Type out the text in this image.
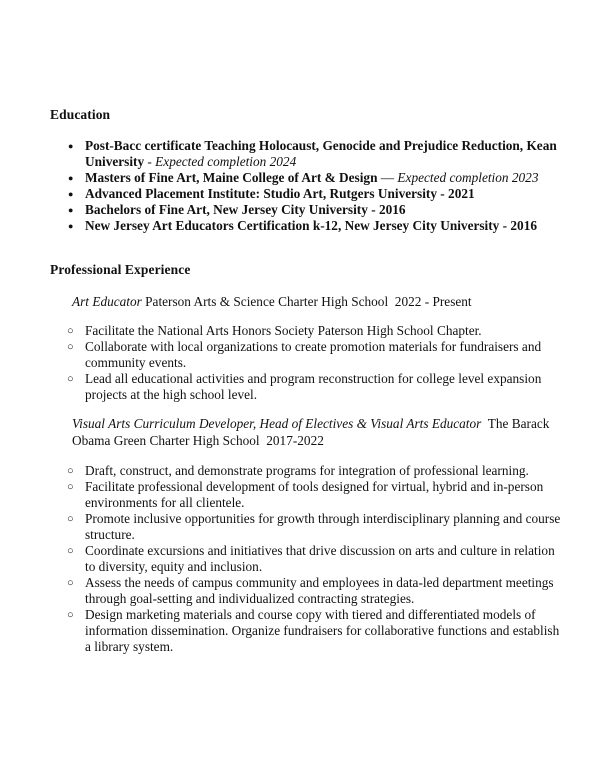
Education
● Post-Bacc certificate Teaching Holocaust, Genocide and Prejudice Reduction, Kean University - Expected completion 2024
● Masters of Fine Art, Maine College of Art & Design — Expected completion 2023
● Advanced Placement Institute: Studio Art, Rutgers University - 2021
● Bachelors of Fine Art, New Jersey City University - 2016
● New Jersey Art Educators Certification k-12, New Jersey City University - 2016
Professional Experience
Art Educator Paterson Arts & Science Charter High School 2022 - Present
○ Facilitate the National Arts Honors Society Paterson High School Chapter.
○ Collaborate with local organizations to create promotion materials for fundraisers and community events.
○ Lead all educational activities and program reconstruction for college level expansion projects at the high school level.
Visual Arts Curriculum Developer, Head of Electives & Visual Arts Educator The Barack Obama Green Charter High School 2017-2022
○ Draft, construct, and demonstrate programs for integration of professional learning.
○ Facilitate professional development of tools designed for virtual, hybrid and in-person environments for all clientele.
○ Promote inclusive opportunities for growth through interdisciplinary planning and course structure.
○ Coordinate excursions and initiatives that drive discussion on arts and culture in relation to diversity, equity and inclusion.
○ Assess the needs of campus community and employees in data-led department meetings through goal-setting and individualized contracting strategies.
○ Design marketing materials and course copy with tiered and differentiated models of information dissemination. Organize fundraisers for collaborative functions and establish a library system.
